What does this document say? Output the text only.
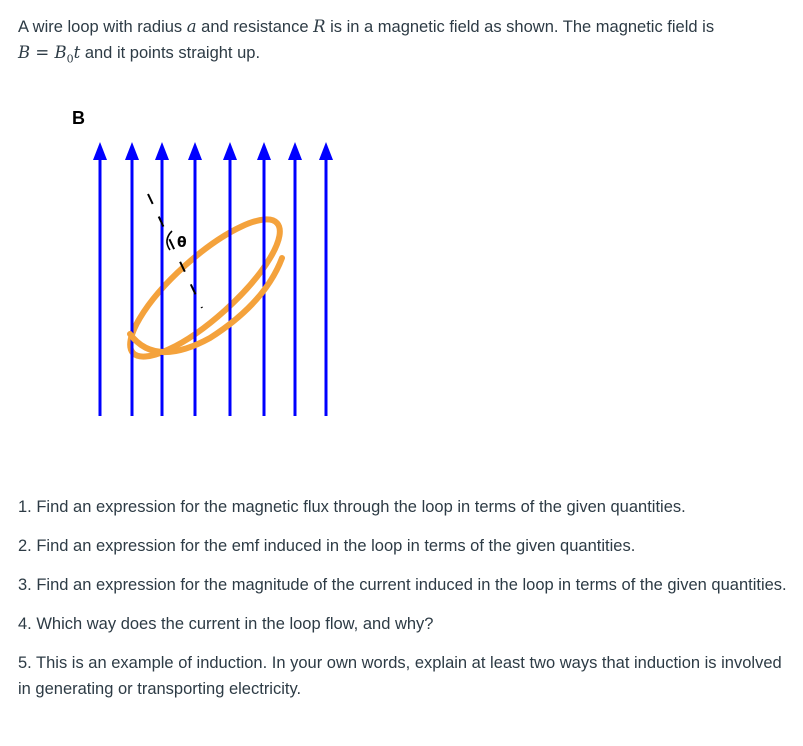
A wire loop with radius a and resistance R is in a magnetic field as shown. The magnetic field is
$B = B_0t$ and it points straight up.
θ
B

1. Find an expression for the magnetic flux through the loop in terms of the given quantities.

2. Find an expression for the emf induced in the loop in terms of the given quantities.

3. Find an expression for the magnitude of the current induced in the loop in terms of the given quantities.

4. Which way does the current in the loop flow, and why?

5. This is an example of induction. In your own words, explain at least two ways that induction is involved in generating or transporting electricity.
